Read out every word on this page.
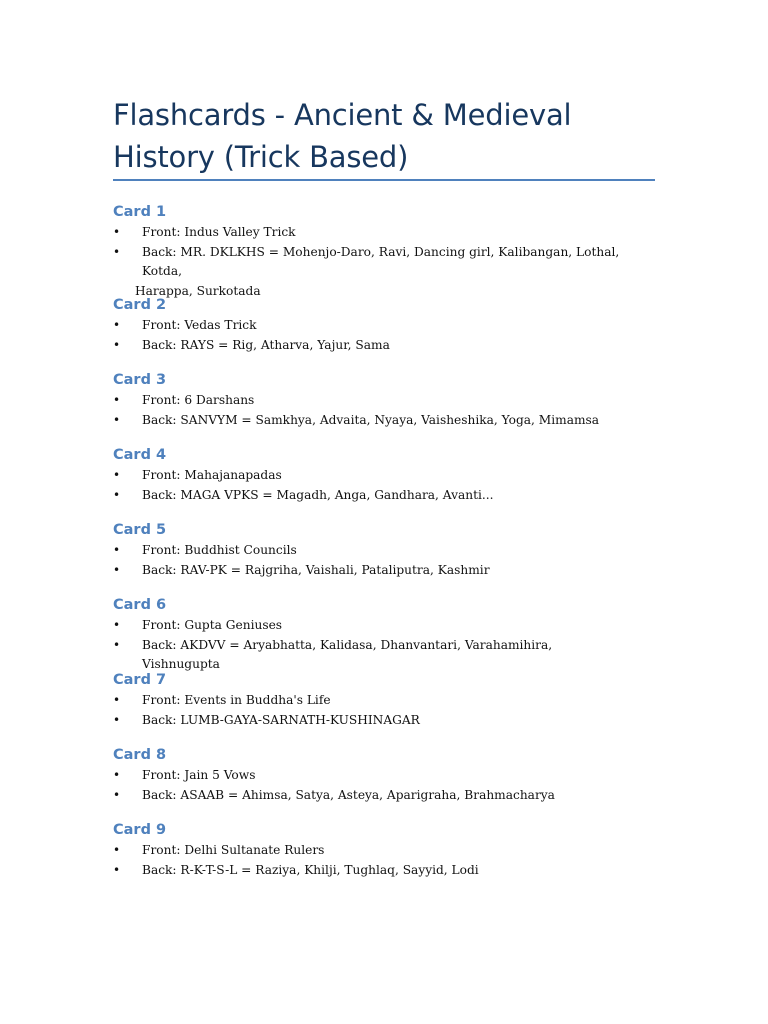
Flashcards - Ancient & Medieval History (Trick Based)
Card 1
• Front: Indus Valley Trick
• Back: MR. DKLKHS = Mohenjo-Daro, Ravi, Dancing girl, Kalibangan, Lothal, Kotda,
Harappa, Surkotada
Card 2
• Front: Vedas Trick
• Back: RAYS = Rig, Atharva, Yajur, Sama
Card 3
• Front: 6 Darshans
• Back: SANVYM = Samkhya, Advaita, Nyaya, Vaisheshika, Yoga, Mimamsa
Card 4
• Front: Mahajanapadas
• Back: MAGA VPKS = Magadh, Anga, Gandhara, Avanti...
Card 5
• Front: Buddhist Councils
• Back: RAV-PK = Rajgriha, Vaishali, Pataliputra, Kashmir
Card 6
• Front: Gupta Geniuses
• Back: AKDVV = Aryabhatta, Kalidasa, Dhanvantari, Varahamihira, Vishnugupta
Card 7
• Front: Events in Buddha's Life
• Back: LUMB-GAYA-SARNATH-KUSHINAGAR
Card 8
• Front: Jain 5 Vows
• Back: ASAAB = Ahimsa, Satya, Asteya, Aparigraha, Brahmacharya
Card 9
• Front: Delhi Sultanate Rulers
• Back: R-K-T-S-L = Raziya, Khilji, Tughlaq, Sayyid, Lodi
